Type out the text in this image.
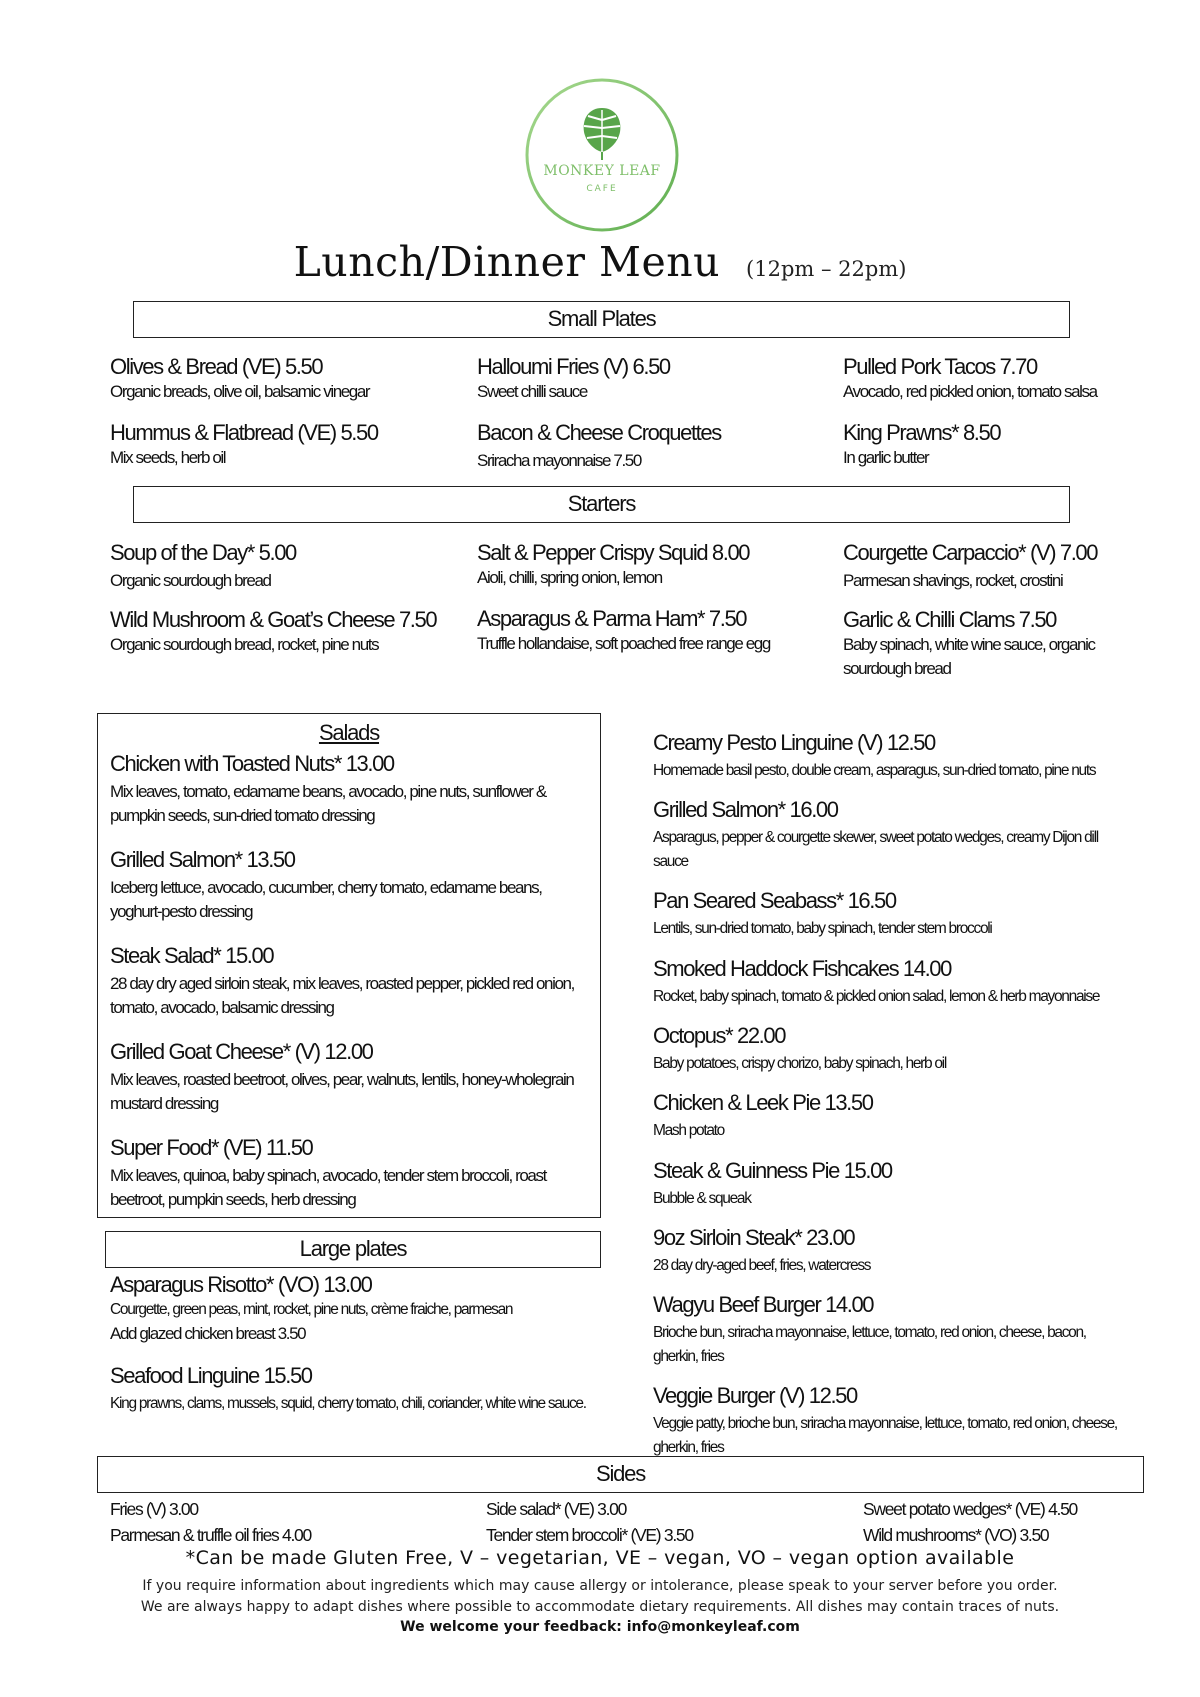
MONKEY LEAF
CAFE
Lunch/Dinner Menu (12pm – 22pm)
Small Plates
Olives & Bread (VE) 5.50
Organic breads, olive oil, balsamic vinegar
Halloumi Fries (V) 6.50
Sweet chilli sauce
Pulled Pork Tacos 7.70
Avocado, red pickled onion, tomato salsa
Hummus & Flatbread (VE) 5.50
Mix seeds, herb oil
Bacon & Cheese Croquettes
Sriracha mayonnaise 7.50
King Prawns* 8.50
In garlic butter
Starters
Soup of the Day* 5.00
Organic sourdough bread
Salt & Pepper Crispy Squid 8.00
Aioli, chilli, spring onion, lemon
Courgette Carpaccio* (V) 7.00
Parmesan shavings, rocket, crostini
Wild Mushroom & Goat’s Cheese 7.50
Organic sourdough bread, rocket, pine nuts
Asparagus & Parma Ham* 7.50
Truffle hollandaise, soft poached free range egg
Garlic & Chilli Clams 7.50
Baby spinach, white wine sauce, organic sourdough bread
Salads
Chicken with Toasted Nuts* 13.00
Mix leaves, tomato, edamame beans, avocado, pine nuts, sunflower & pumpkin seeds, sun-dried tomato dressing
Grilled Salmon* 13.50
Iceberg lettuce, avocado, cucumber, cherry tomato, edamame beans, yoghurt-pesto dressing
Steak Salad* 15.00
28 day dry aged sirloin steak, mix leaves, roasted pepper, pickled red onion, tomato, avocado, balsamic dressing
Grilled Goat Cheese* (V) 12.00
Mix leaves, roasted beetroot, olives, pear, walnuts, lentils, honey-wholegrain mustard dressing
Super Food* (VE) 11.50
Mix leaves, quinoa, baby spinach, avocado, tender stem broccoli, roast beetroot, pumpkin seeds, herb dressing
Large plates
Asparagus Risotto* (VO) 13.00
Courgette, green peas, mint, rocket, pine nuts, crème fraiche, parmesan
Add glazed chicken breast 3.50
Seafood Linguine 15.50
King prawns, clams, mussels, squid, cherry tomato, chili, coriander, white wine sauce.
Creamy Pesto Linguine (V) 12.50
Homemade basil pesto, double cream, asparagus, sun-dried tomato, pine nuts
Grilled Salmon* 16.00
Asparagus, pepper & courgette skewer, sweet potato wedges, creamy Dijon dill sauce
Pan Seared Seabass* 16.50
Lentils, sun-dried tomato, baby spinach, tender stem broccoli
Smoked Haddock Fishcakes 14.00
Rocket, baby spinach, tomato & pickled onion salad, lemon & herb mayonnaise
Octopus* 22.00
Baby potatoes, crispy chorizo, baby spinach, herb oil
Chicken & Leek Pie 13.50
Mash potato
Steak & Guinness Pie 15.00
Bubble & squeak
9oz Sirloin Steak* 23.00
28 day dry-aged beef, fries, watercress
Wagyu Beef Burger 14.00
Brioche bun, sriracha mayonnaise, lettuce, tomato, red onion, cheese, bacon, gherkin, fries
Veggie Burger (V) 12.50
Veggie patty, brioche bun, sriracha mayonnaise, lettuce, tomato, red onion, cheese, gherkin, fries
Sides
Fries (V) 3.00	Side salad* (VE) 3.00	Sweet potato wedges* (VE) 4.50
Parmesan & truffle oil fries 4.00	Tender stem broccoli* (VE) 3.50	Wild mushrooms* (VO) 3.50
*Can be made Gluten Free, V – vegetarian, VE – vegan, VO – vegan option available
If you require information about ingredients which may cause allergy or intolerance, please speak to your server before you order. We are always happy to adapt dishes where possible to accommodate dietary requirements. All dishes may contain traces of nuts.
We welcome your feedback: info@monkeyleaf.com
